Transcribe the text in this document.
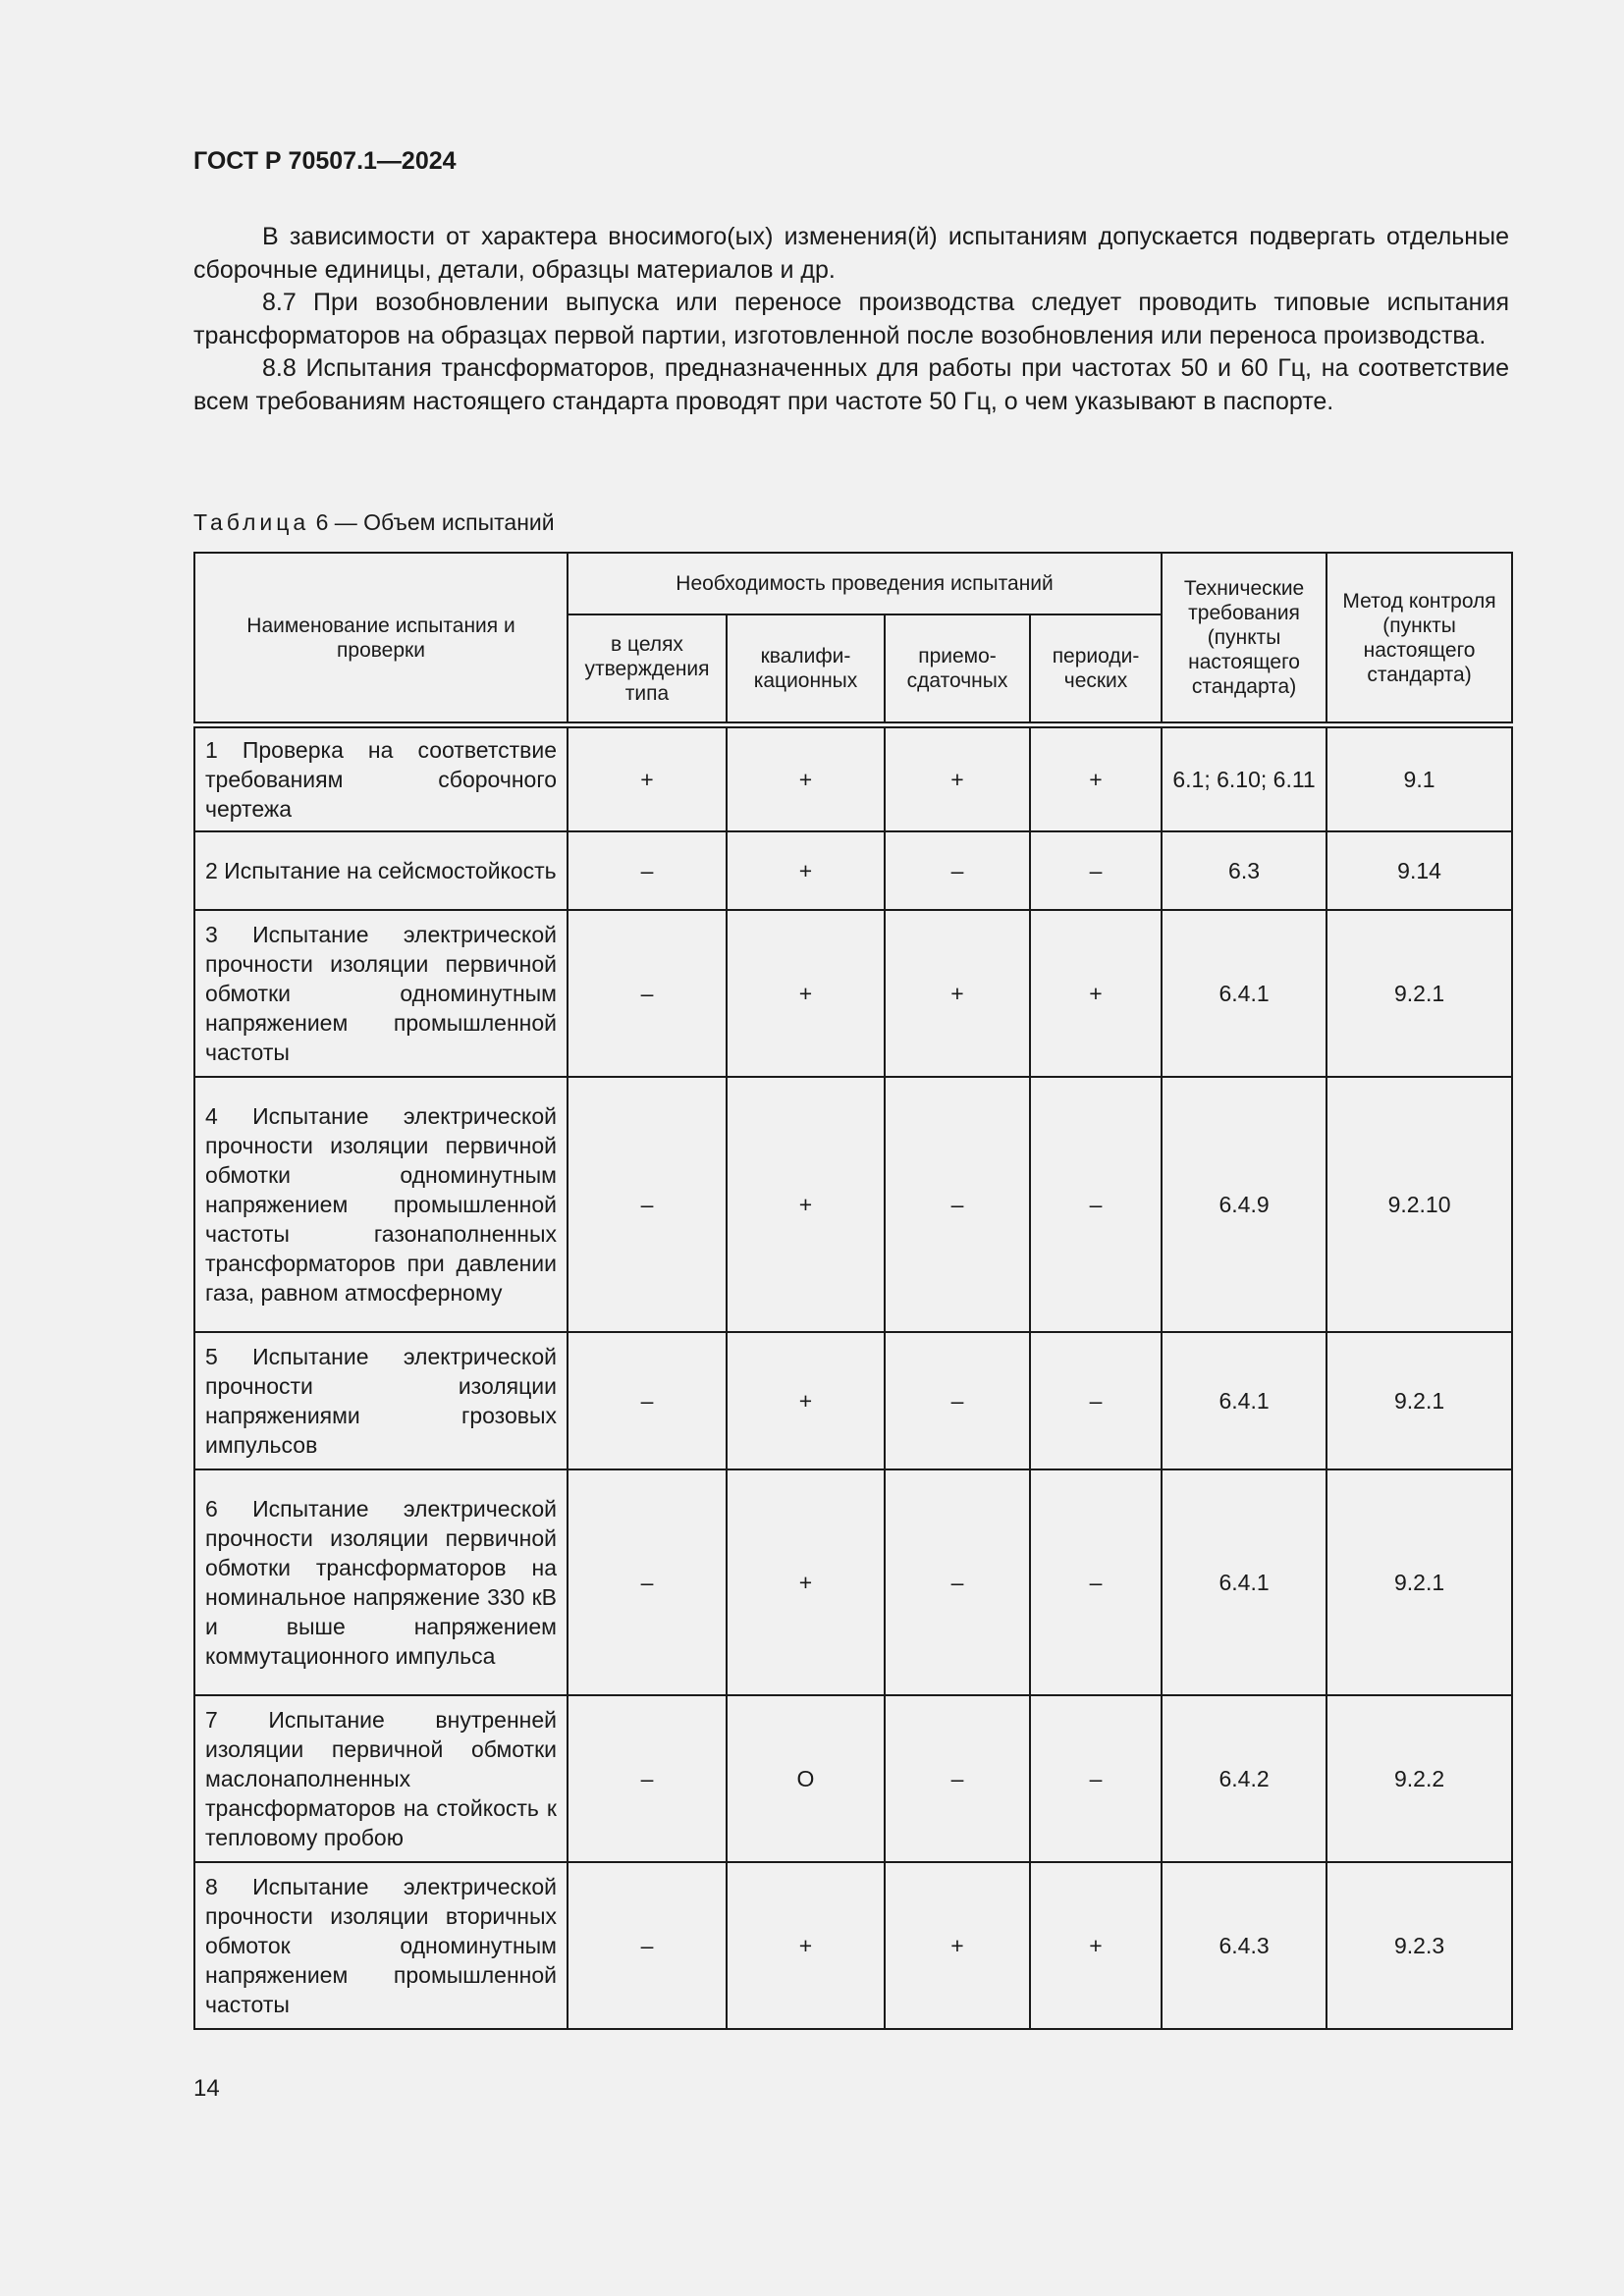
ГОСТ Р 70507.1—2024

В зависимости от характера вносимого(ых) изменения(й) испытаниям допускается подвергать отдельные сборочные единицы, детали, образцы материалов и др.

8.7 При возобновлении выпуска или переносе производства следует проводить типовые испытания трансформаторов на образцах первой партии, изготовленной после возобновления или переноса производства.

8.8 Испытания трансформаторов, предназначенных для работы при частотах 50 и 60 Гц, на соответствие всем требованиям настоящего стандарта проводят при частоте 50 Гц, о чем указывают в паспорте.

Таблица 6 — Объем испытаний
Наименование испытания и проверки	Необходимость проведения испытаний				Технические требования (пункты настоящего стандарта)	Метод контроля (пункты настоящего стандарта)
	в целях утверждения типа	квалифи- кационных	приемо- сдаточных	периоди- ческих		

1 Проверка на соответствие требованиям сборочного чертежа	+	+	+	+	6.1; 6.10; 6.11	9.1
2 Испытание на сейсмостойкость	–	+	–	–	6.3	9.14
3 Испытание электрической прочности изоляции первичной обмотки одноминутным напряжением промышленной частоты	–	+	+	+	6.4.1	9.2.1
4 Испытание электрической прочности изоляции первичной обмотки одноминутным напряжением промышленной частоты газонаполненных трансформаторов при давлении газа, равном атмосферному	–	+	–	–	6.4.9	9.2.10
5 Испытание электрической прочности изоляции напряжениями грозовых импульсов	–	+	–	–	6.4.1	9.2.1
6 Испытание электрической прочности изоляции первичной обмотки трансформаторов на номинальное напряжение 330 кВ и выше напряжением коммутационного импульса	–	+	–	–	6.4.1	9.2.1
7 Испытание внутренней изоляции первичной обмотки маслонаполненных трансформаторов на стойкость к тепловому пробою	–	O	–	–	6.4.2	9.2.2
8 Испытание электрической прочности изоляции вторичных обмоток одноминутным напряжением промышленной частоты	–	+	+	+	6.4.3	9.2.3
14
